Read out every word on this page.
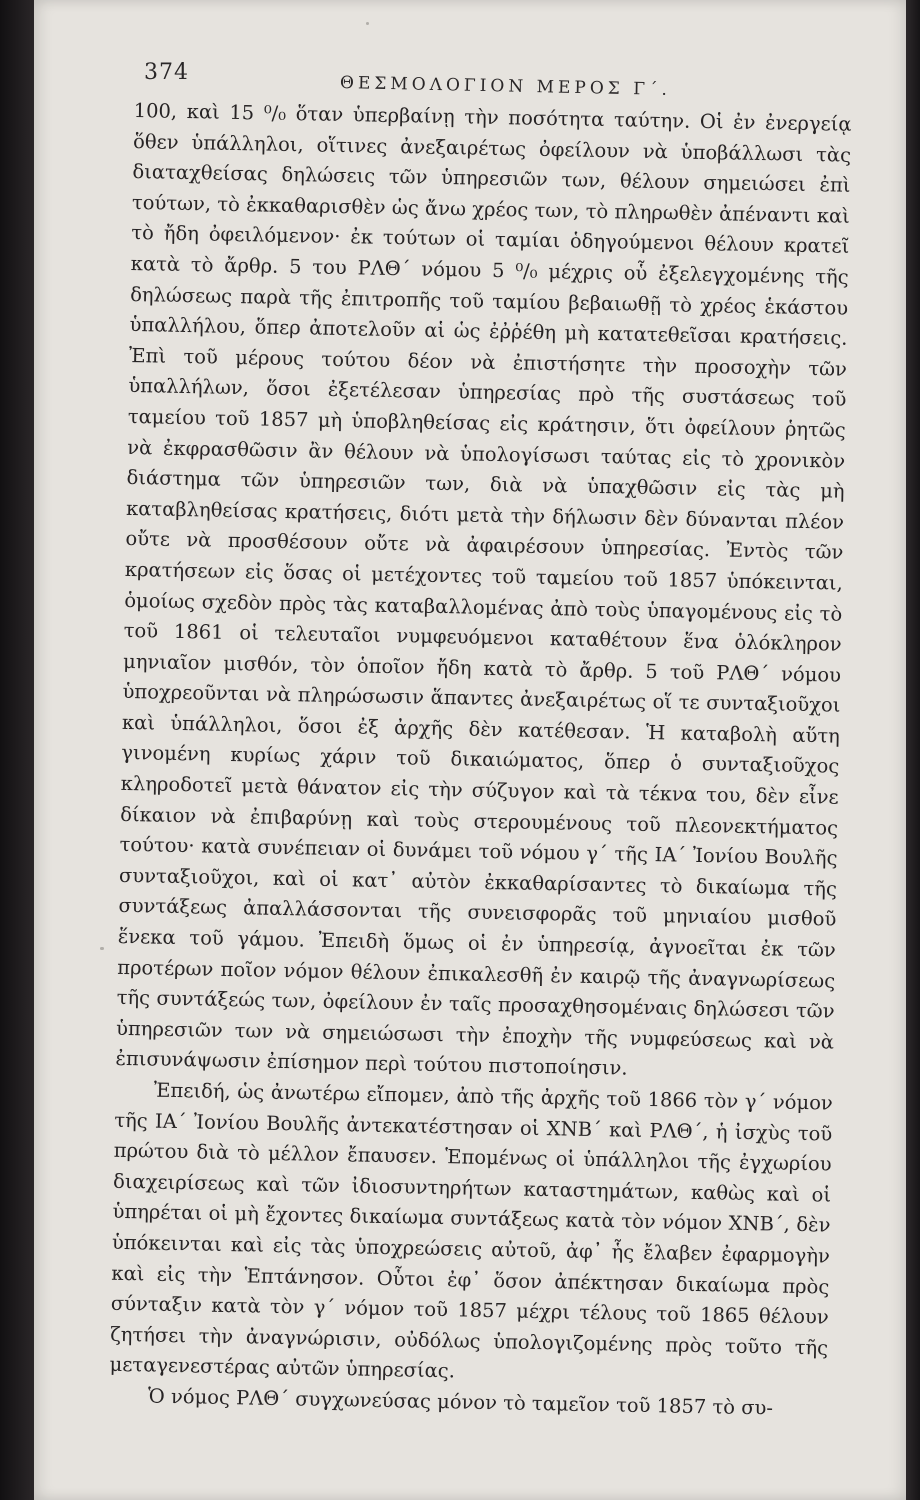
374
ΘΕΣΜΟΛΟΓΙΟΝ ΜΕΡΟΣ Γ΄.

100, καὶ 15 ⁰/₀ ὅταν ὑπερβαίνῃ τὴν ποσότητα ταύτην. Οἱ ἐν ἐνεργείᾳ ὅθεν ὑπάλληλοι, οἵτινες ἀνεξαιρέτως ὀφείλουν νὰ ὑποβάλλωσι τὰς διαταχθείσας δηλώσεις τῶν ὑπηρεσιῶν των, θέλουν σημειώσει ἐπὶ τούτων, τὸ ἐκκαθαρισθὲν ὡς ἄνω χρέος των, τὸ πληρωθὲν ἀπέναντι καὶ τὸ ἤδη ὀφειλόμενον· ἐκ τούτων οἱ ταμίαι ὁδηγούμενοι θέλουν κρατεῖ κατὰ τὸ ἄρθρ. 5 του ΡΛΘ΄ νόμου 5 ⁰/₀ μέχρις οὗ ἐξελεγχομένης τῆς δηλώσεως παρὰ τῆς ἐπιτροπῆς τοῦ ταμίου βεβαιωθῇ τὸ χρέος ἑκάστου ὑπαλλήλου, ὅπερ ἀποτελοῦν αἱ ὡς ἐῤῥέθη μὴ κατατεθεῖσαι κρατήσεις. Ἐπὶ τοῦ μέρους τούτου δέον νὰ ἐπιστήσητε τὴν προσοχὴν τῶν ὑπαλλήλων, ὅσοι ἐξετέλεσαν ὑπηρεσίας πρὸ τῆς συστάσεως τοῦ ταμείου τοῦ 1857 μὴ ὑποβληθείσας εἰς κράτησιν, ὅτι ὀφείλουν ῥητῶς νὰ ἐκφρασθῶσιν ἂν θέλουν νὰ ὑπολογίσωσι ταύτας εἰς τὸ χρονικὸν διάστημα τῶν ὑπηρεσιῶν των, διὰ νὰ ὑπαχθῶσιν εἰς τὰς μὴ καταβληθείσας κρατήσεις, διότι μετὰ τὴν δήλωσιν δὲν δύνανται πλέον οὔτε νὰ προσθέσουν οὔτε νὰ ἀφαιρέσουν ὑπηρεσίας. Ἐντὸς τῶν κρατήσεων εἰς ὅσας οἱ μετέχοντες τοῦ ταμείου τοῦ 1857 ὑπόκεινται, ὁμοίως σχεδὸν πρὸς τὰς καταβαλλομένας ἀπὸ τοὺς ὑπαγομένους εἰς τὸ τοῦ 1861 οἱ τελευταῖοι νυμφευόμενοι καταθέτουν ἕνα ὁλόκληρον μηνιαῖον μισθόν, τὸν ὁποῖον ἤδη κατὰ τὸ ἄρθρ. 5 τοῦ ΡΛΘ΄ νόμου ὑποχρεοῦνται νὰ πληρώσωσιν ἅπαντες ἀνεξαιρέτως οἵ τε συνταξιοῦχοι καὶ ὑπάλληλοι, ὅσοι ἐξ ἀρχῆς δὲν κατέθεσαν. Ἡ καταβολὴ αὕτη γινομένη κυρίως χάριν τοῦ δικαιώματος, ὅπερ ὁ συνταξιοῦχος κληροδοτεῖ μετὰ θάνατον εἰς τὴν σύζυγον καὶ τὰ τέκνα του, δὲν εἶνε δίκαιον νὰ ἐπιβαρύνῃ καὶ τοὺς στερουμένους τοῦ πλεονεκτήματος τούτου· κατὰ συνέπειαν οἱ δυνάμει τοῦ νόμου γ΄ τῆς ΙΑ΄ Ἰονίου Βουλῆς συνταξιοῦχοι, καὶ οἱ κατ᾽ αὐτὸν ἐκκαθαρίσαντες τὸ δικαίωμα τῆς συντάξεως ἀπαλλάσσονται τῆς συνεισφορᾶς τοῦ μηνιαίου μισθοῦ ἕνεκα τοῦ γάμου. Ἐπειδὴ ὅμως οἱ ἐν ὑπηρεσίᾳ, ἀγνοεῖται ἐκ τῶν προτέρων ποῖον νόμον θέλουν ἐπικαλεσθῆ ἐν καιρῷ τῆς ἀναγνωρίσεως τῆς συντάξεώς των, ὀφείλουν ἐν ταῖς προσαχθησομέναις δηλώσεσι τῶν ὑπηρεσιῶν των νὰ σημειώσωσι τὴν ἐποχὴν τῆς νυμφεύσεως καὶ νὰ ἐπισυνάψωσιν ἐπίσημον περὶ τούτου πιστοποίησιν.

Ἐπειδή, ὡς ἀνωτέρω εἴπομεν, ἀπὸ τῆς ἀρχῆς τοῦ 1866 τὸν γ΄ νόμον τῆς ΙΑ΄ Ἰονίου Βουλῆς ἀντεκατέστησαν οἱ ΧΝΒ΄ καὶ ΡΛΘ΄, ἡ ἰσχὺς τοῦ πρώτου διὰ τὸ μέλλον ἔπαυσεν. Ἑπομένως οἱ ὑπάλληλοι τῆς ἐγχωρίου διαχειρίσεως καὶ τῶν ἰδιοσυντηρήτων καταστημάτων, καθὼς καὶ οἱ ὑπηρέται οἱ μὴ ἔχοντες δικαίωμα συντάξεως κατὰ τὸν νόμον ΧΝΒ΄, δὲν ὑπόκεινται καὶ εἰς τὰς ὑποχρεώσεις αὐτοῦ, ἀφ᾽ ἧς ἔλαβεν ἐφαρμογὴν καὶ εἰς τὴν Ἑπτάνησον. Οὗτοι ἐφ᾽ ὅσον ἀπέκτησαν δικαίωμα πρὸς σύνταξιν κατὰ τὸν γ΄ νόμον τοῦ 1857 μέχρι τέλους τοῦ 1865 θέλουν ζητήσει τὴν ἀναγνώρισιν, οὐδόλως ὑπολογιζομένης πρὸς τοῦτο τῆς μεταγενεστέρας αὐτῶν ὑπηρεσίας.

Ὁ νόμος ΡΛΘ΄ συγχωνεύσας μόνον τὸ ταμεῖον τοῦ 1857 τὸ συ-
